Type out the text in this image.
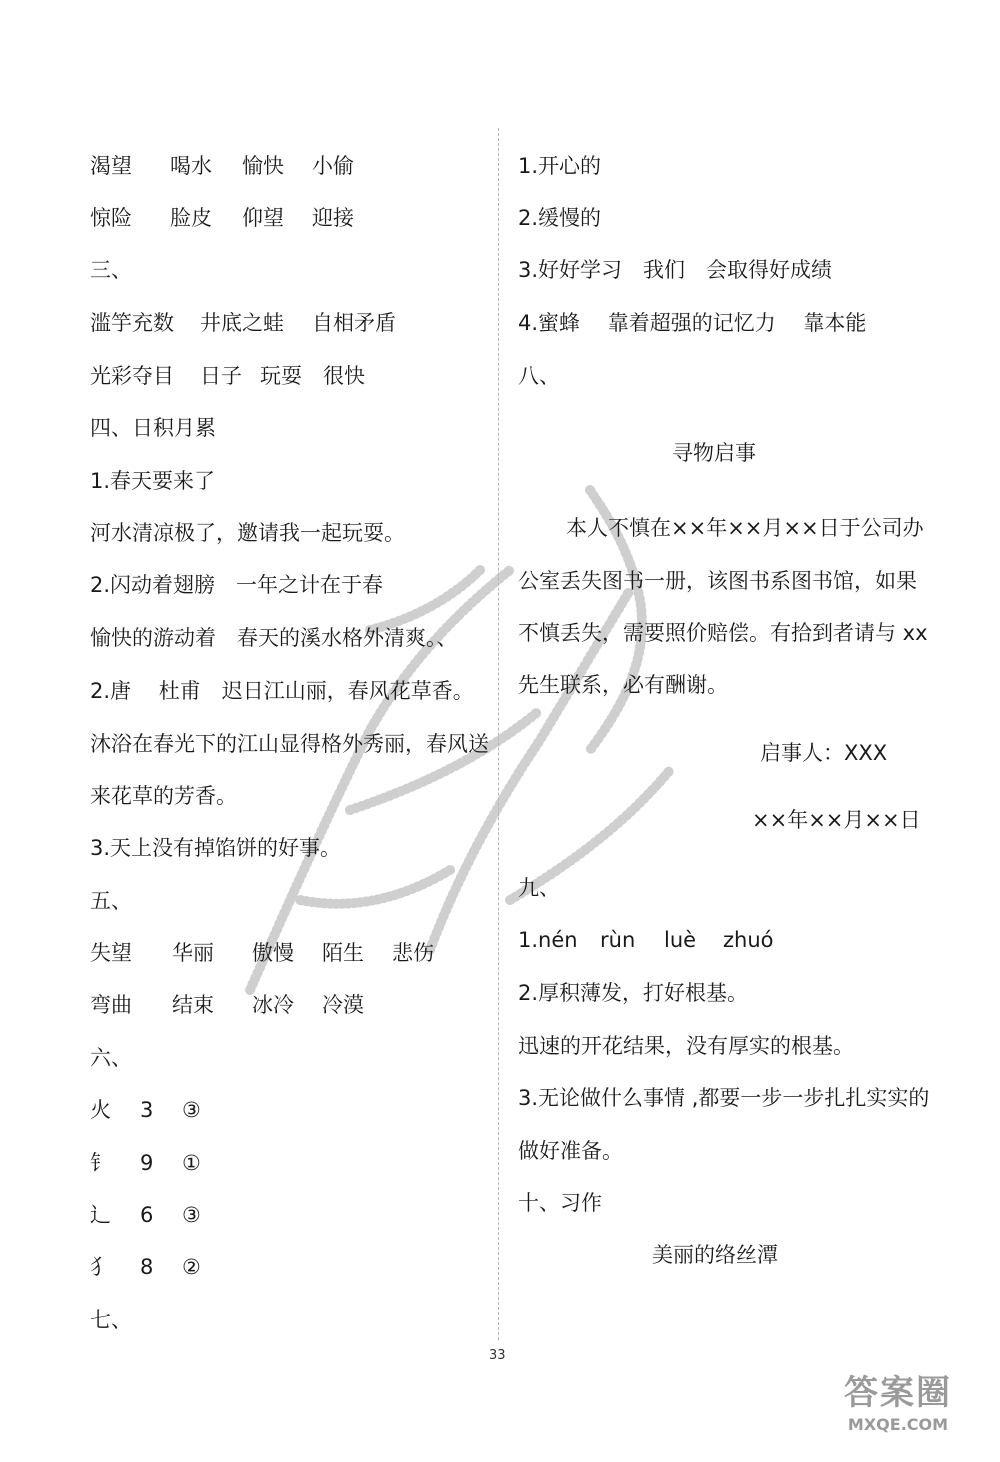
渴望 喝水 愉快 小偷
惊险 脸皮 仰望 迎接
三、
滥竽充数 井底之蛙 自相矛盾
光彩夺目 日子 玩耍 很快
四、日积月累
1.春天要来了
河水清凉极了，邀请我一起玩耍。
2.闪动着翅膀　一年之计在于春
愉快的游动着　春天的溪水格外清爽。、
2.唐　 杜甫　迟日江山丽，春风花草香。
沐浴在春光下的江山显得格外秀丽，春风送
来花草的芳香。
3.天上没有掉馅饼的好事。
五、
失望 华丽 傲慢 陌生 悲伤
弯曲 结束 冰冷 冷漠
六、
火 3 ③
钅 9 ①
辶 6 ③
犭 8 ②
七、
1.开心的
2.缓慢的
3.好好学习　我们　会取得好成绩
4.蜜蜂　 靠着超强的记忆力　 靠本能
八、
寻物启事
本人不慎在××年××月××日于公司办
公室丢失图书一册，该图书系图书馆，如果
不慎丢失，需要照价赔偿。有拾到者请与 xx
先生联系，必有酬谢。
启事人：XXX
××年××月××日
九、
1.nén rùn luè zhuó
2.厚积薄发，打好根基。
迅速的开花结果，没有厚实的根基。
3.无论做什么事情 ,都要一步一步扎扎实实的
做好准备。
十、习作
美丽的络丝潭
33
答案圈
MXQE.COM
